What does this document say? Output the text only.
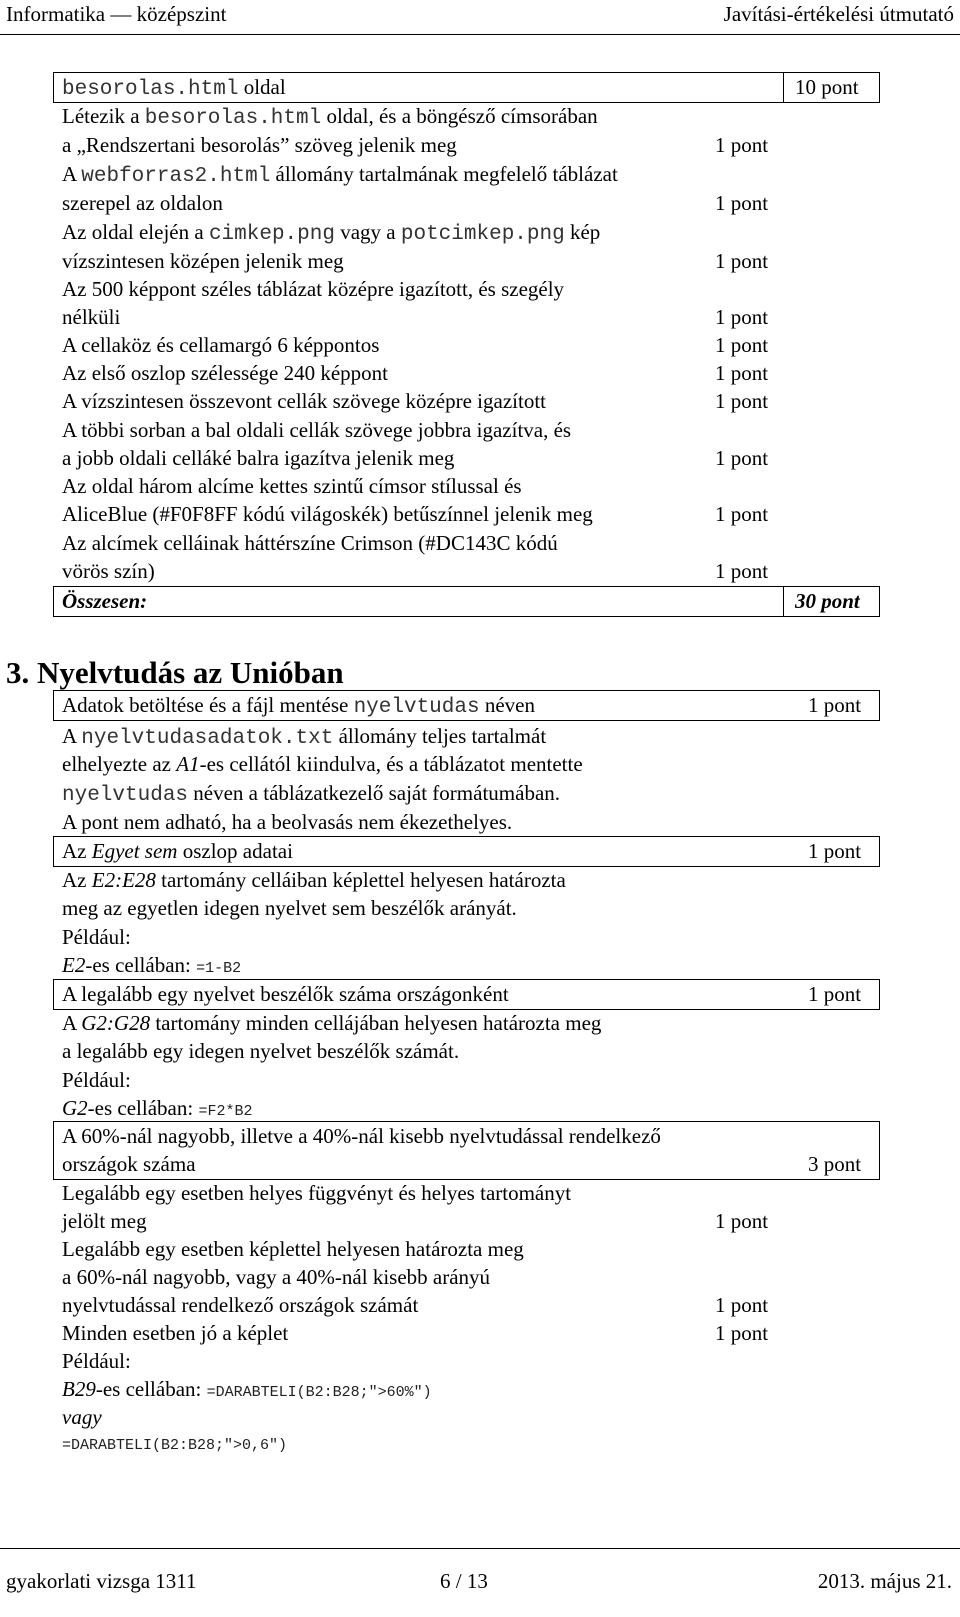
Informatika — középszint	Javítási-értékelési útmutató
besorolas.html oldal	10 pont
Létezik a besorolas.html oldal, és a böngésző címsorában
a „Rendszertani besorolás” szöveg jelenik meg	1 pont
A webforras2.html állomány tartalmának megfelelő táblázat
szerepel az oldalon	1 pont
Az oldal elején a cimkep.png vagy a potcimkep.png kép
vízszintesen középen jelenik meg	1 pont
Az 500 képpont széles táblázat középre igazított, és szegély
nélküli	1 pont
A cellaköz és cellamargó 6 képpontos	1 pont
Az első oszlop szélessége 240 képpont	1 pont
A vízszintesen összevont cellák szövege középre igazított	1 pont
A többi sorban a bal oldali cellák szövege jobbra igazítva, és
a jobb oldali celláké balra igazítva jelenik meg	1 pont
Az oldal három alcíme kettes szintű címsor stílussal és
AliceBlue (#F0F8FF kódú világoskék) betűszínnel jelenik meg	1 pont
Az alcímek celláinak háttérszíne Crimson (#DC143C kódú
vörös szín)	1 pont
Összesen:	30 pont
3. Nyelvtudás az Unióban
Adatok betöltése és a fájl mentése nyelvtudas néven	1 pont
A nyelvtudasadatok.txt állomány teljes tartalmát
elhelyezte az A1-es cellától kiindulva, és a táblázatot mentette
nyelvtudas néven a táblázatkezelő saját formátumában.
A pont nem adható, ha a beolvasás nem ékezethelyes.
Az Egyet sem oszlop adatai	1 pont
Az E2:E28 tartomány celláiban képlettel helyesen határozta
meg az egyetlen idegen nyelvet sem beszélők arányát.
Például:
E2-es cellában: =1-B2
A legalább egy nyelvet beszélők száma országonként	1 pont
A G2:G28 tartomány minden cellájában helyesen határozta meg
a legalább egy idegen nyelvet beszélők számát.
Például:
G2-es cellában: =F2*B2
A 60%-nál nagyobb, illetve a 40%-nál kisebb nyelvtudással rendelkező
országok száma	3 pont
Legalább egy esetben helyes függvényt és helyes tartományt
jelölt meg	1 pont
Legalább egy esetben képlettel helyesen határozta meg
a 60%-nál nagyobb, vagy a 40%-nál kisebb arányú
nyelvtudással rendelkező országok számát	1 pont
Minden esetben jó a képlet	1 pont
Például:
B29-es cellában: =DARABTELI(B2:B28;">60%")
vagy
=DARABTELI(B2:B28;">0,6")
gyakorlati vizsga 1311	6 / 13	2013. május 21.
